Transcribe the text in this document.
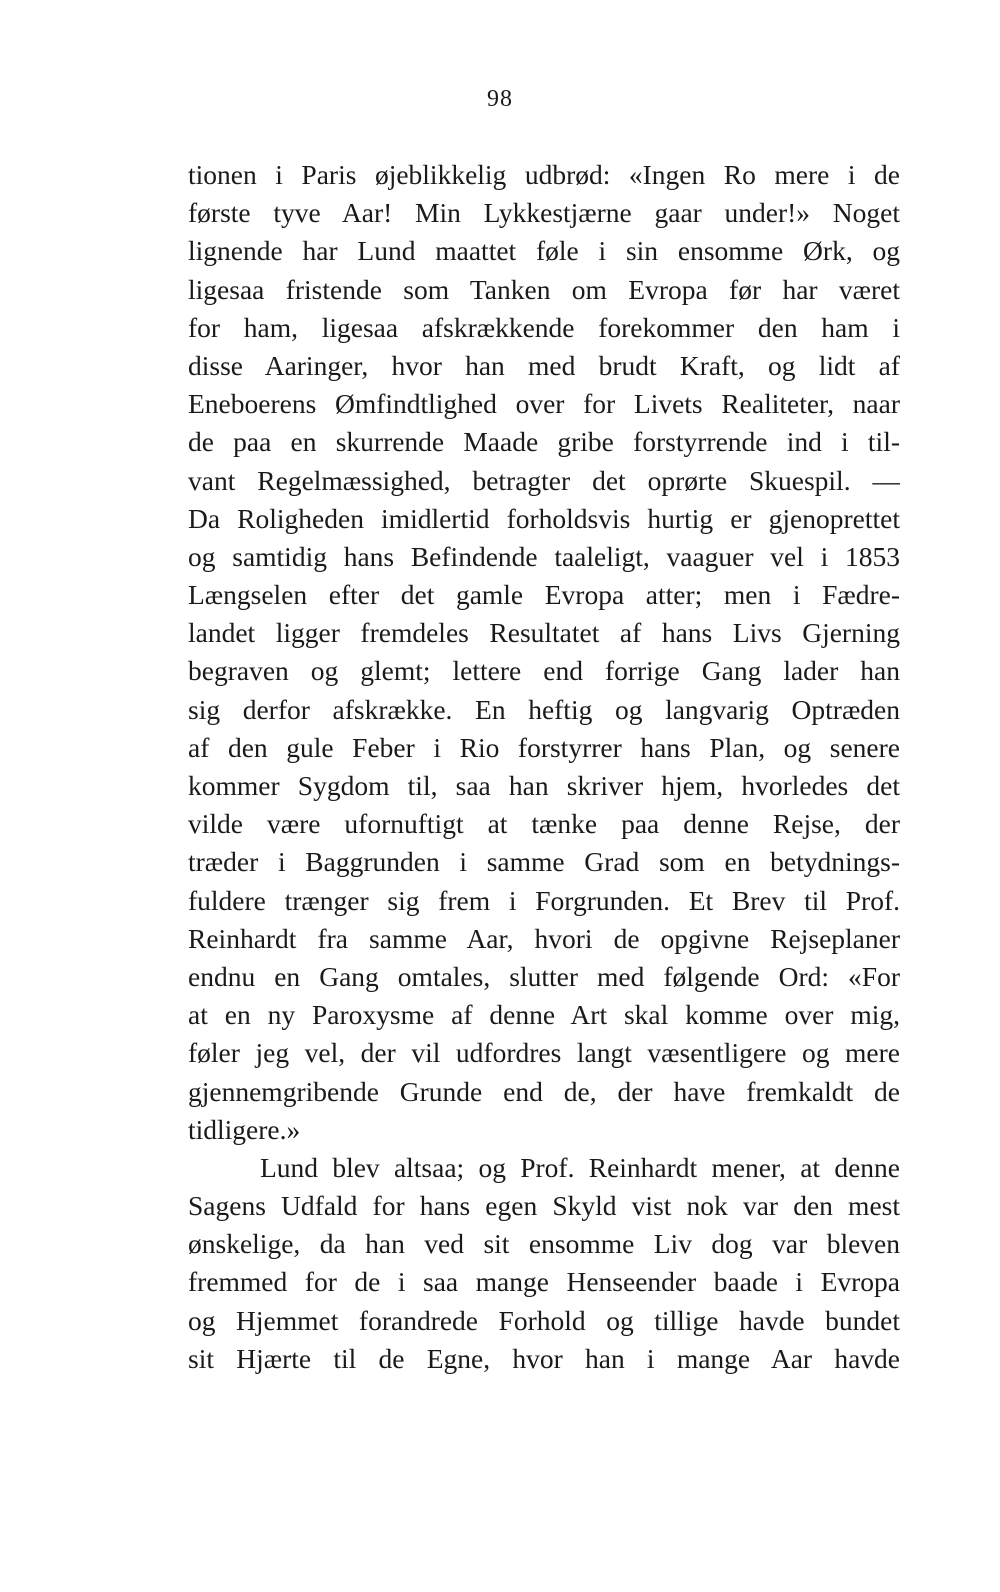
98
tionen i Paris øjeblikkelig udbrød: «Ingen Ro mere i de
første tyve Aar! Min Lykkestjærne gaar under!» Noget
lignende har Lund maattet føle i sin ensomme Ørk, og
ligesaa fristende som Tanken om Evropa før har været
for ham, ligesaa afskrækkende forekommer den ham i
disse Aaringer, hvor han med brudt Kraft, og lidt af
Eneboerens Ømfindtlighed over for Livets Realiteter, naar
de paa en skurrende Maade gribe forstyrrende ind i til-
vant Regelmæssighed, betragter det oprørte Skuespil. —
Da Roligheden imidlertid forholdsvis hurtig er gjenoprettet
og samtidig hans Befindende taaleligt, vaaguer vel i 1853
Længselen efter det gamle Evropa atter; men i Fædre-
landet ligger fremdeles Resultatet af hans Livs Gjerning
begraven og glemt; lettere end forrige Gang lader han
sig derfor afskrække. En heftig og langvarig Optræden
af den gule Feber i Rio forstyrrer hans Plan, og senere
kommer Sygdom til, saa han skriver hjem, hvorledes det
vilde være ufornuftigt at tænke paa denne Rejse, der
træder i Baggrunden i samme Grad som en betydnings-
fuldere trænger sig frem i Forgrunden. Et Brev til Prof.
Reinhardt fra samme Aar, hvori de opgivne Rejseplaner
endnu en Gang omtales, slutter med følgende Ord: «For
at en ny Paroxysme af denne Art skal komme over mig,
føler jeg vel, der vil udfordres langt væsentligere og mere
gjennemgribende Grunde end de, der have fremkaldt de
tidligere.»
Lund blev altsaa; og Prof. Reinhardt mener, at denne
Sagens Udfald for hans egen Skyld vist nok var den mest
ønskelige, da han ved sit ensomme Liv dog var bleven
fremmed for de i saa mange Henseender baade i Evropa
og Hjemmet forandrede Forhold og tillige havde bundet
sit Hjærte til de Egne, hvor han i mange Aar havde
